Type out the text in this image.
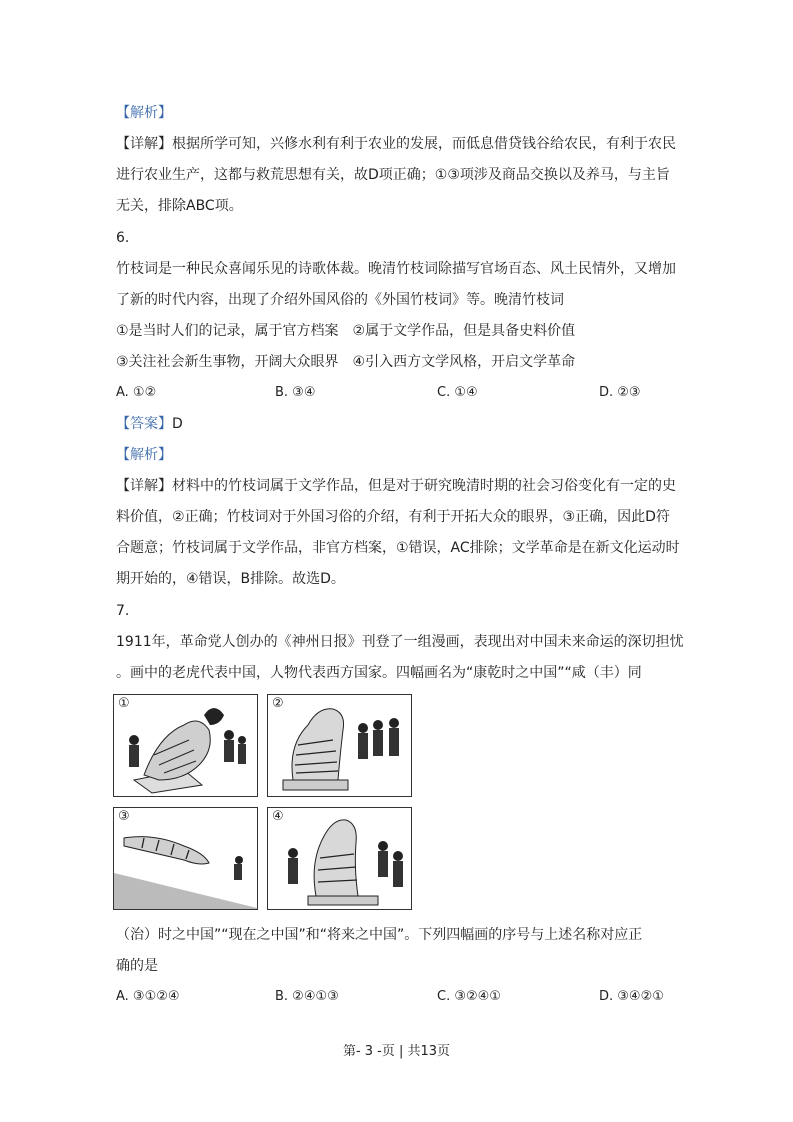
【解析】
【详解】根据所学可知，兴修水利有利于农业的发展，而低息借贷钱谷给农民，有利于农民
进行农业生产，这都与救荒思想有关，故D项正确；①③项涉及商品交换以及养马，与主旨
无关，排除ABC项。
6.
竹枝词是一种民众喜闻乐见的诗歌体裁。晚清竹枝词除描写官场百态、风土民情外，又增加
了新的时代内容，出现了介绍外国风俗的《外国竹枝词》等。晚清竹枝词
①是当时人们的记录，属于官方档案　②属于文学作品，但是具备史料价值
③关注社会新生事物，开阔大众眼界　④引入西方文学风格，开启文学革命
A. ①②	B. ③④	C. ①④	D. ②③
【答案】D
【解析】
【详解】材料中的竹枝词属于文学作品，但是对于研究晚清时期的社会习俗变化有一定的史
料价值，②正确；竹枝词对于外国习俗的介绍，有利于开拓大众的眼界，③正确，因此D符
合题意；竹枝词属于文学作品，非官方档案，①错误，AC排除；文学革命是在新文化运动时
期开始的，④错误，B排除。故选D。
7.
1911年，革命党人创办的《神州日报》刊登了一组漫画，表现出对中国未来命运的深切担忧
。画中的老虎代表中国，人物代表西方国家。四幅画名为“康乾时之中国”“咸（丰）同
①	②
③	④
（治）时之中国”“现在之中国”和“将来之中国”。下列四幅画的序号与上述名称对应正
确的是
A. ③①②④	B. ②④①③	C. ③②④①	D. ③④②①
第- 3 -页 | 共13页
